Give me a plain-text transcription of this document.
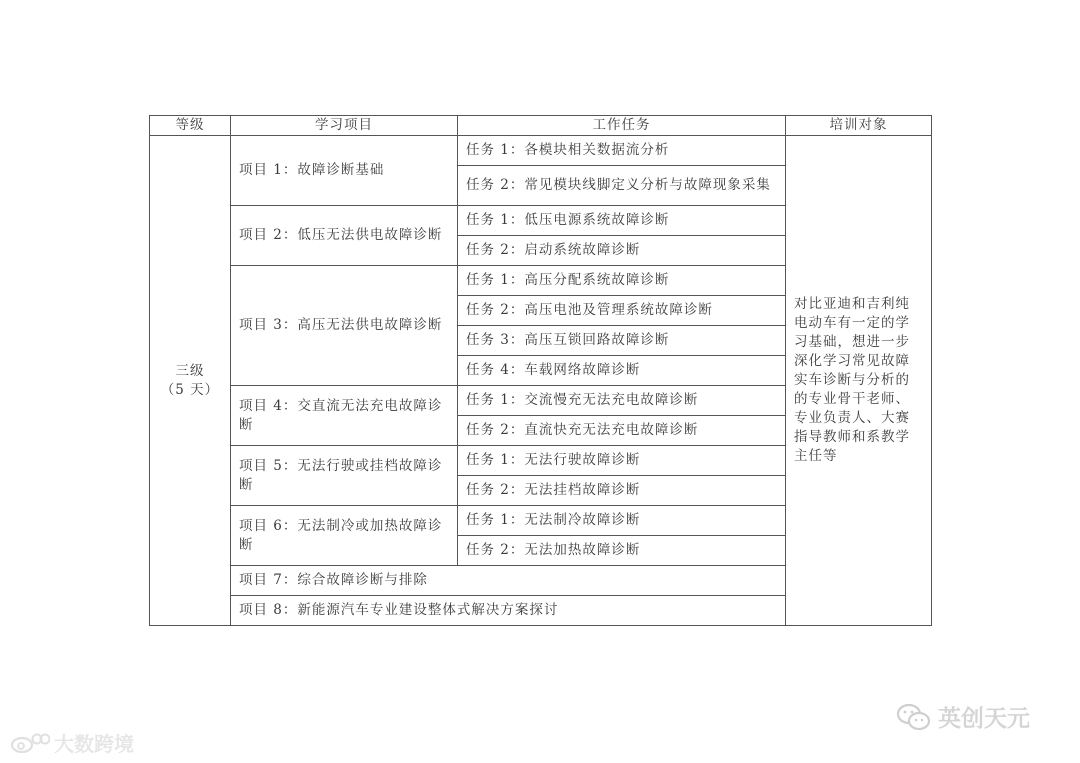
等级	学习项目	工作任务	培训对象

三级
（5 天）	项目 1：故障诊断基础	任务 1：各模块相关数据流分析	对比亚迪和吉利纯电动车有一定的学习基础，想进一步深化学习常见故障实车诊断与分析的的专业骨干老师、专业负责人、大赛指导教师和系教学主任等
		任务 2：常见模块线脚定义分析与故障现象采集	
	项目 2：低压无法供电故障诊断	任务 1：低压电源系统故障诊断	
		任务 2：启动系统故障诊断	
	项目 3：高压无法供电故障诊断	任务 1：高压分配系统故障诊断	
		任务 2：高压电池及管理系统故障诊断	
		任务 3：高压互锁回路故障诊断	
		任务 4：车载网络故障诊断	
	项目 4：交直流无法充电故障诊断	任务 1：交流慢充无法充电故障诊断	
		任务 2：直流快充无法充电故障诊断	
	项目 5：无法行驶或挂档故障诊断	任务 1：无法行驶故障诊断	
		任务 2：无法挂档故障诊断	
	项目 6：无法制冷或加热故障诊断	任务 1：无法制冷故障诊断	
		任务 2：无法加热故障诊断	
	项目 7：综合故障诊断与排除		
	项目 8：新能源汽车专业建设整体式解决方案探讨		
大数跨境
英创天元
